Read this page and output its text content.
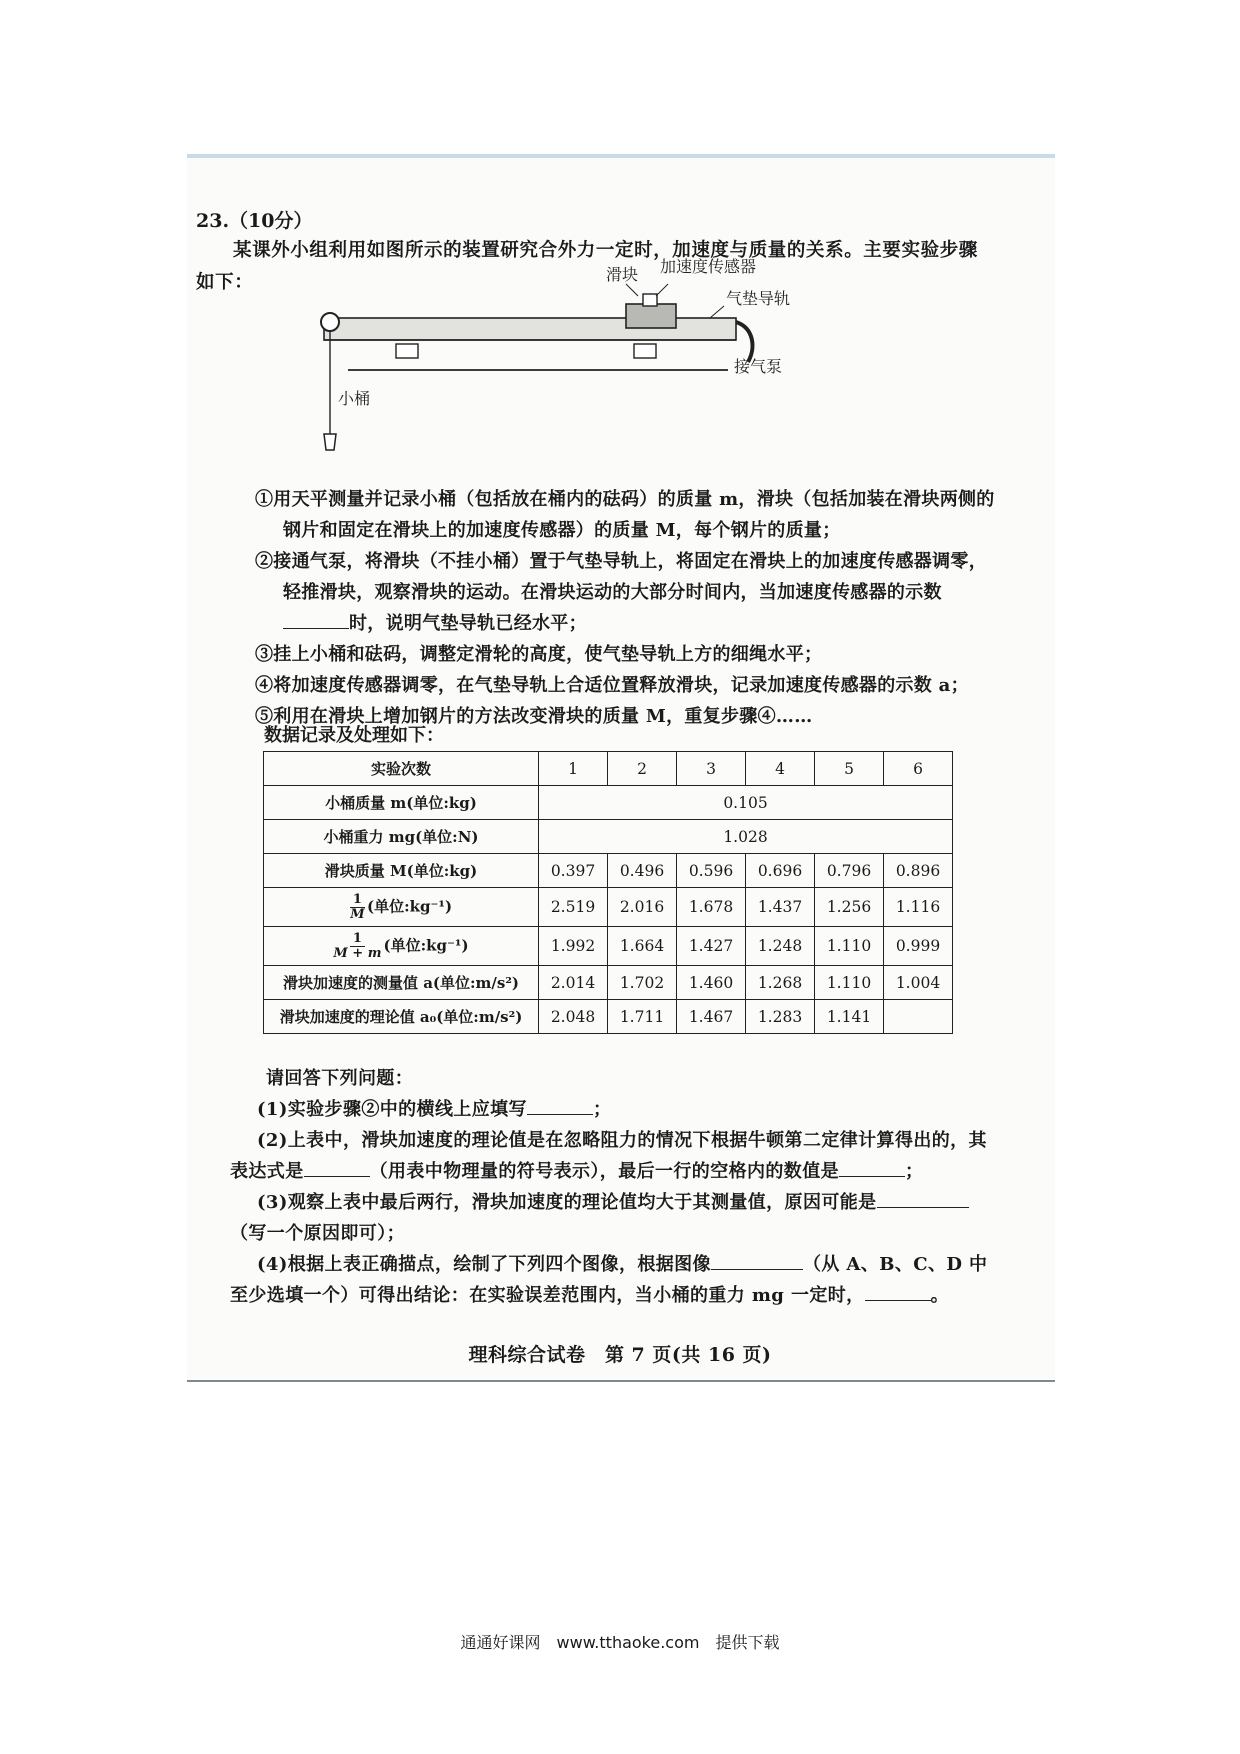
23.（10分）
某课外小组利用如图所示的装置研究合外力一定时，加速度与质量的关系。主要实验步骤如下：	滑块 加速度传感器
气垫导轨
接气泵
小桶
①用天平测量并记录小桶（包括放在桶内的砝码）的质量 m，滑块（包括加装在滑块两侧的钢片和固定在滑块上的加速度传感器）的质量 M，每个钢片的质量；
②接通气泵，将滑块（不挂小桶）置于气垫导轨上，将固定在滑块上的加速度传感器调零，轻推滑块，观察滑块的运动。在滑块运动的大部分时间内，当加速度传感器的示数时，说明气垫导轨已经水平；
③挂上小桶和砝码，调整定滑轮的高度，使气垫导轨上方的细绳水平；
④将加速度传感器调零，在气垫导轨上合适位置释放滑块，记录加速度传感器的示数 a；
⑤利用在滑块上增加钢片的方法改变滑块的质量 M，重复步骤④……
数据记录及处理如下：
实验次数	1	2	3	4	5	6
小桶质量 m(单位:kg)	0.105					
小桶重力 mg(单位:N)	1.028					
滑块质量 M(单位:kg)	0.397	0.496	0.596	0.696	0.796	0.896

$\frac{1}{M}$ (单位:kg⁻¹)	2.519	2.016	1.678	1.437	1.256	1.116

$\frac{1}{M + m}$ (单位:kg⁻¹)	1.992	1.664	1.427	1.248	1.110	0.999
滑块加速度的测量值 a(单位:m/s²)	2.014	1.702	1.460	1.268	1.110	1.004
滑块加速度的理论值 a₀(单位:m/s²)	2.048	1.711	1.467	1.283	1.141	
请回答下列问题：
(1)实验步骤②中的横线上应填写	；
(2)上表中，滑块加速度的理论值是在忽略阻力的情况下根据牛顿第二定律计算得出的，其表达式是	（用表中物理量的符号表示），最后一行的空格内的数值是	；
(3)观察上表中最后两行，滑块加速度的理论值均大于其测量值，原因可能是（写一个原因即可）；
(4)根据上表正确描点，绘制了下列四个图像，根据图像	（从 A、B、C、D 中至少选填一个）可得出结论：在实验误差范围内，当小桶的重力 mg 一定时，	。
理科综合试卷　第 7 页(共 16 页)
通通好课网　www.tthaoke.com　提供下载
